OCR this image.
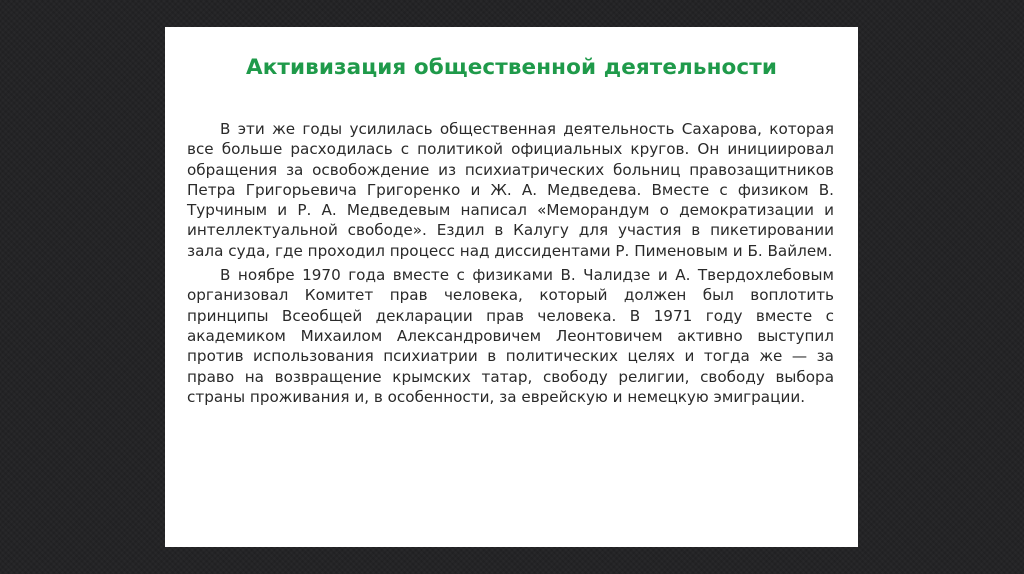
Активизация общественной деятельности

В эти же годы усилилась общественная деятельность Сахарова, которая все больше расходилась с политикой официальных кругов. Он инициировал обращения за освобождение из психиатрических больниц правозащитников Петра Григорьевича Григоренко и Ж. А. Медведева. Вместе с физиком В. Турчиным и Р. А. Медведевым написал «Меморандум о демократизации и интеллектуальной свободе». Ездил в Калугу для участия в пикетировании зала суда, где проходил процесс над диссидентами Р. Пименовым и Б. Вайлем.

В ноябре 1970 года вместе с физиками В. Чалидзе и А. Твердохлебовым организовал Комитет прав человека, который должен был воплотить принципы Всеобщей декларации прав человека. В 1971 году вместе с академиком Михаилом Александровичем Леонтовичем активно выступил против использования психиатрии в политических целях и тогда же — за право на возвращение крымских татар, свободу религии, свободу выбора страны проживания и, в особенности, за еврейскую и немецкую эмиграции.
